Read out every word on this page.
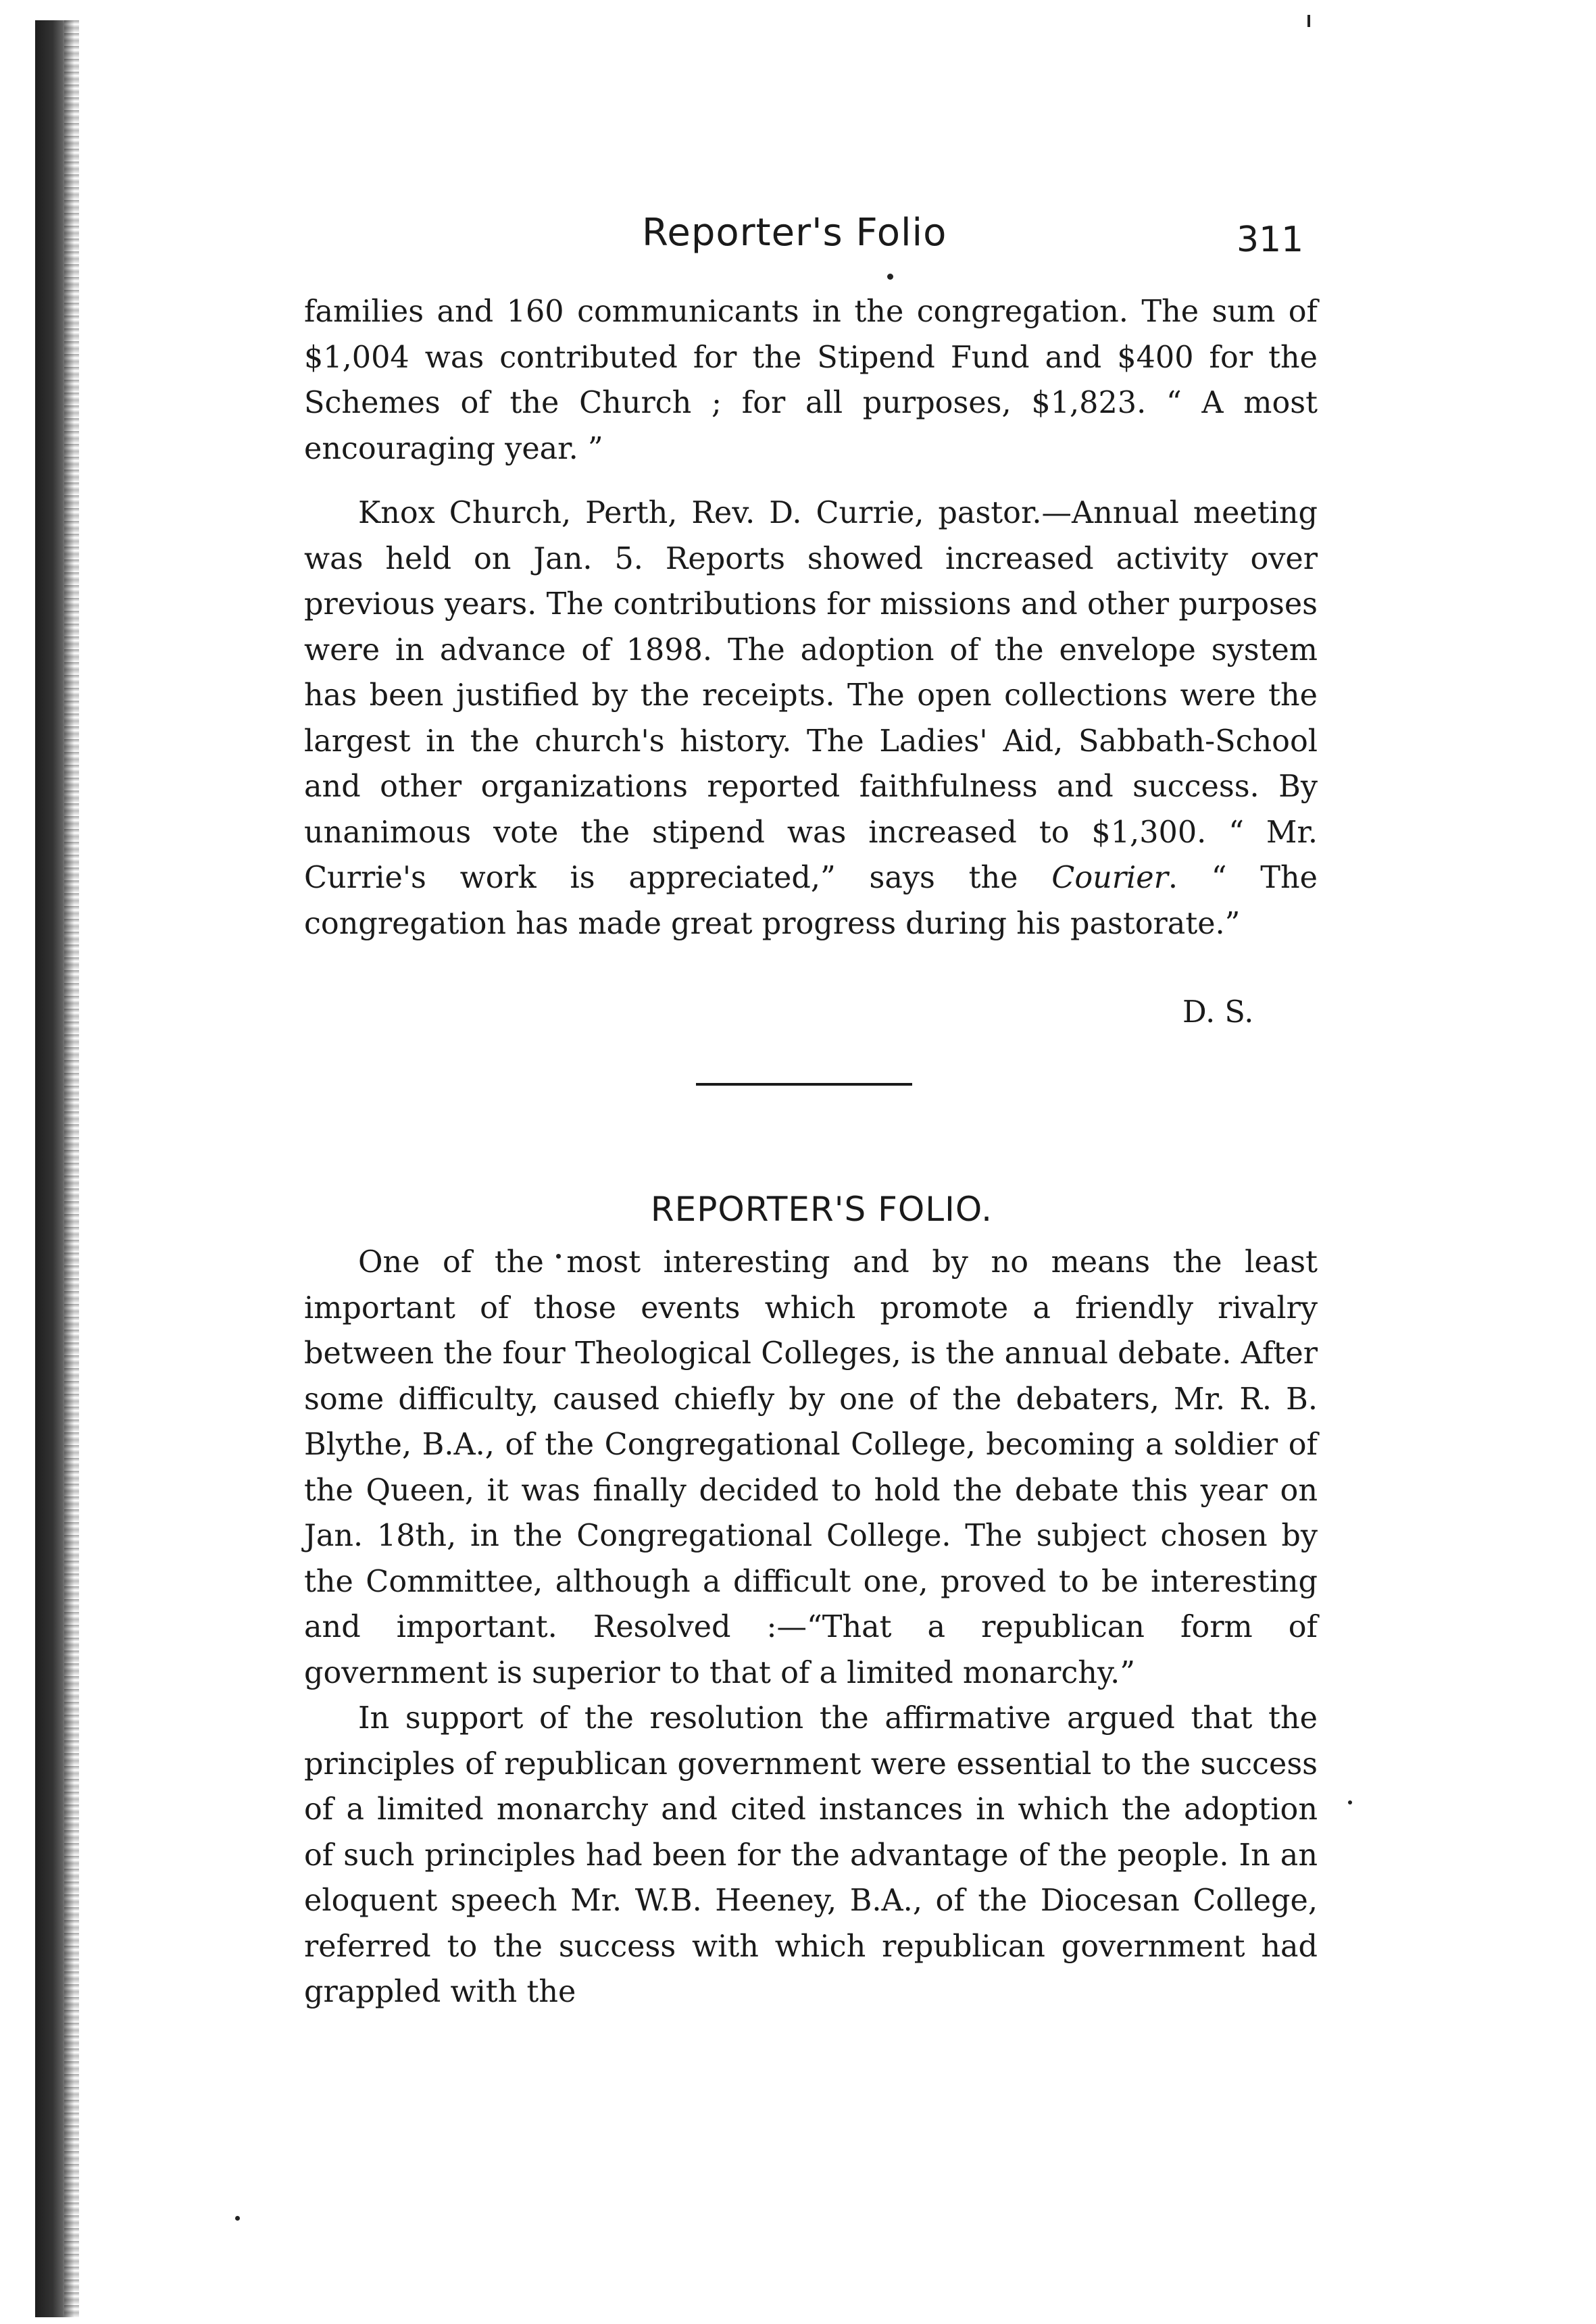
Reporter's Folio	311

families and 160 communicants in the congregation. The sum of $1,004 was contributed for the Stipend Fund and $400 for the Schemes of the Church ; for all purposes, $1,823. “ A most encouraging year. ”

Knox Church, Perth, Rev. D. Currie, pastor.—Annual meeting was held on Jan. 5. Reports showed increased activity over previous years. The contributions for missions and other purposes were in advance of 1898. The adoption of the envelope system has been justified by the receipts. The open collections were the largest in the church's history. The Ladies' Aid, Sabbath-School and other organizations reported faithfulness and success. By unanimous vote the stipend was increased to $1,300. “ Mr. Currie's work is appreciated,” says the Courier. “ The congregation has made great progress during his pastorate.”

D. S.
REPORTER'S FOLIO.

One of the most interesting and by no means the least important of those events which promote a friendly rivalry between the four Theological Colleges, is the annual debate. After some difficulty, caused chiefly by one of the debaters, Mr. R. B. Blythe, B.A., of the Congregational College, becoming a soldier of the Queen, it was finally decided to hold the debate this year on Jan. 18th, in the Congregational College. The subject chosen by the Committee, although a difficult one, proved to be interesting and important. Resolved :—“That a republican form of government is superior to that of a limited monarchy.”

In support of the resolution the affirmative argued that the principles of republican government were essential to the success of a limited monarchy and cited instances in which the adoption of such principles had been for the advantage of the people. In an eloquent speech Mr. W.B. Heeney, B.A., of the Diocesan College, referred to the success with which republican government had grappled with the
